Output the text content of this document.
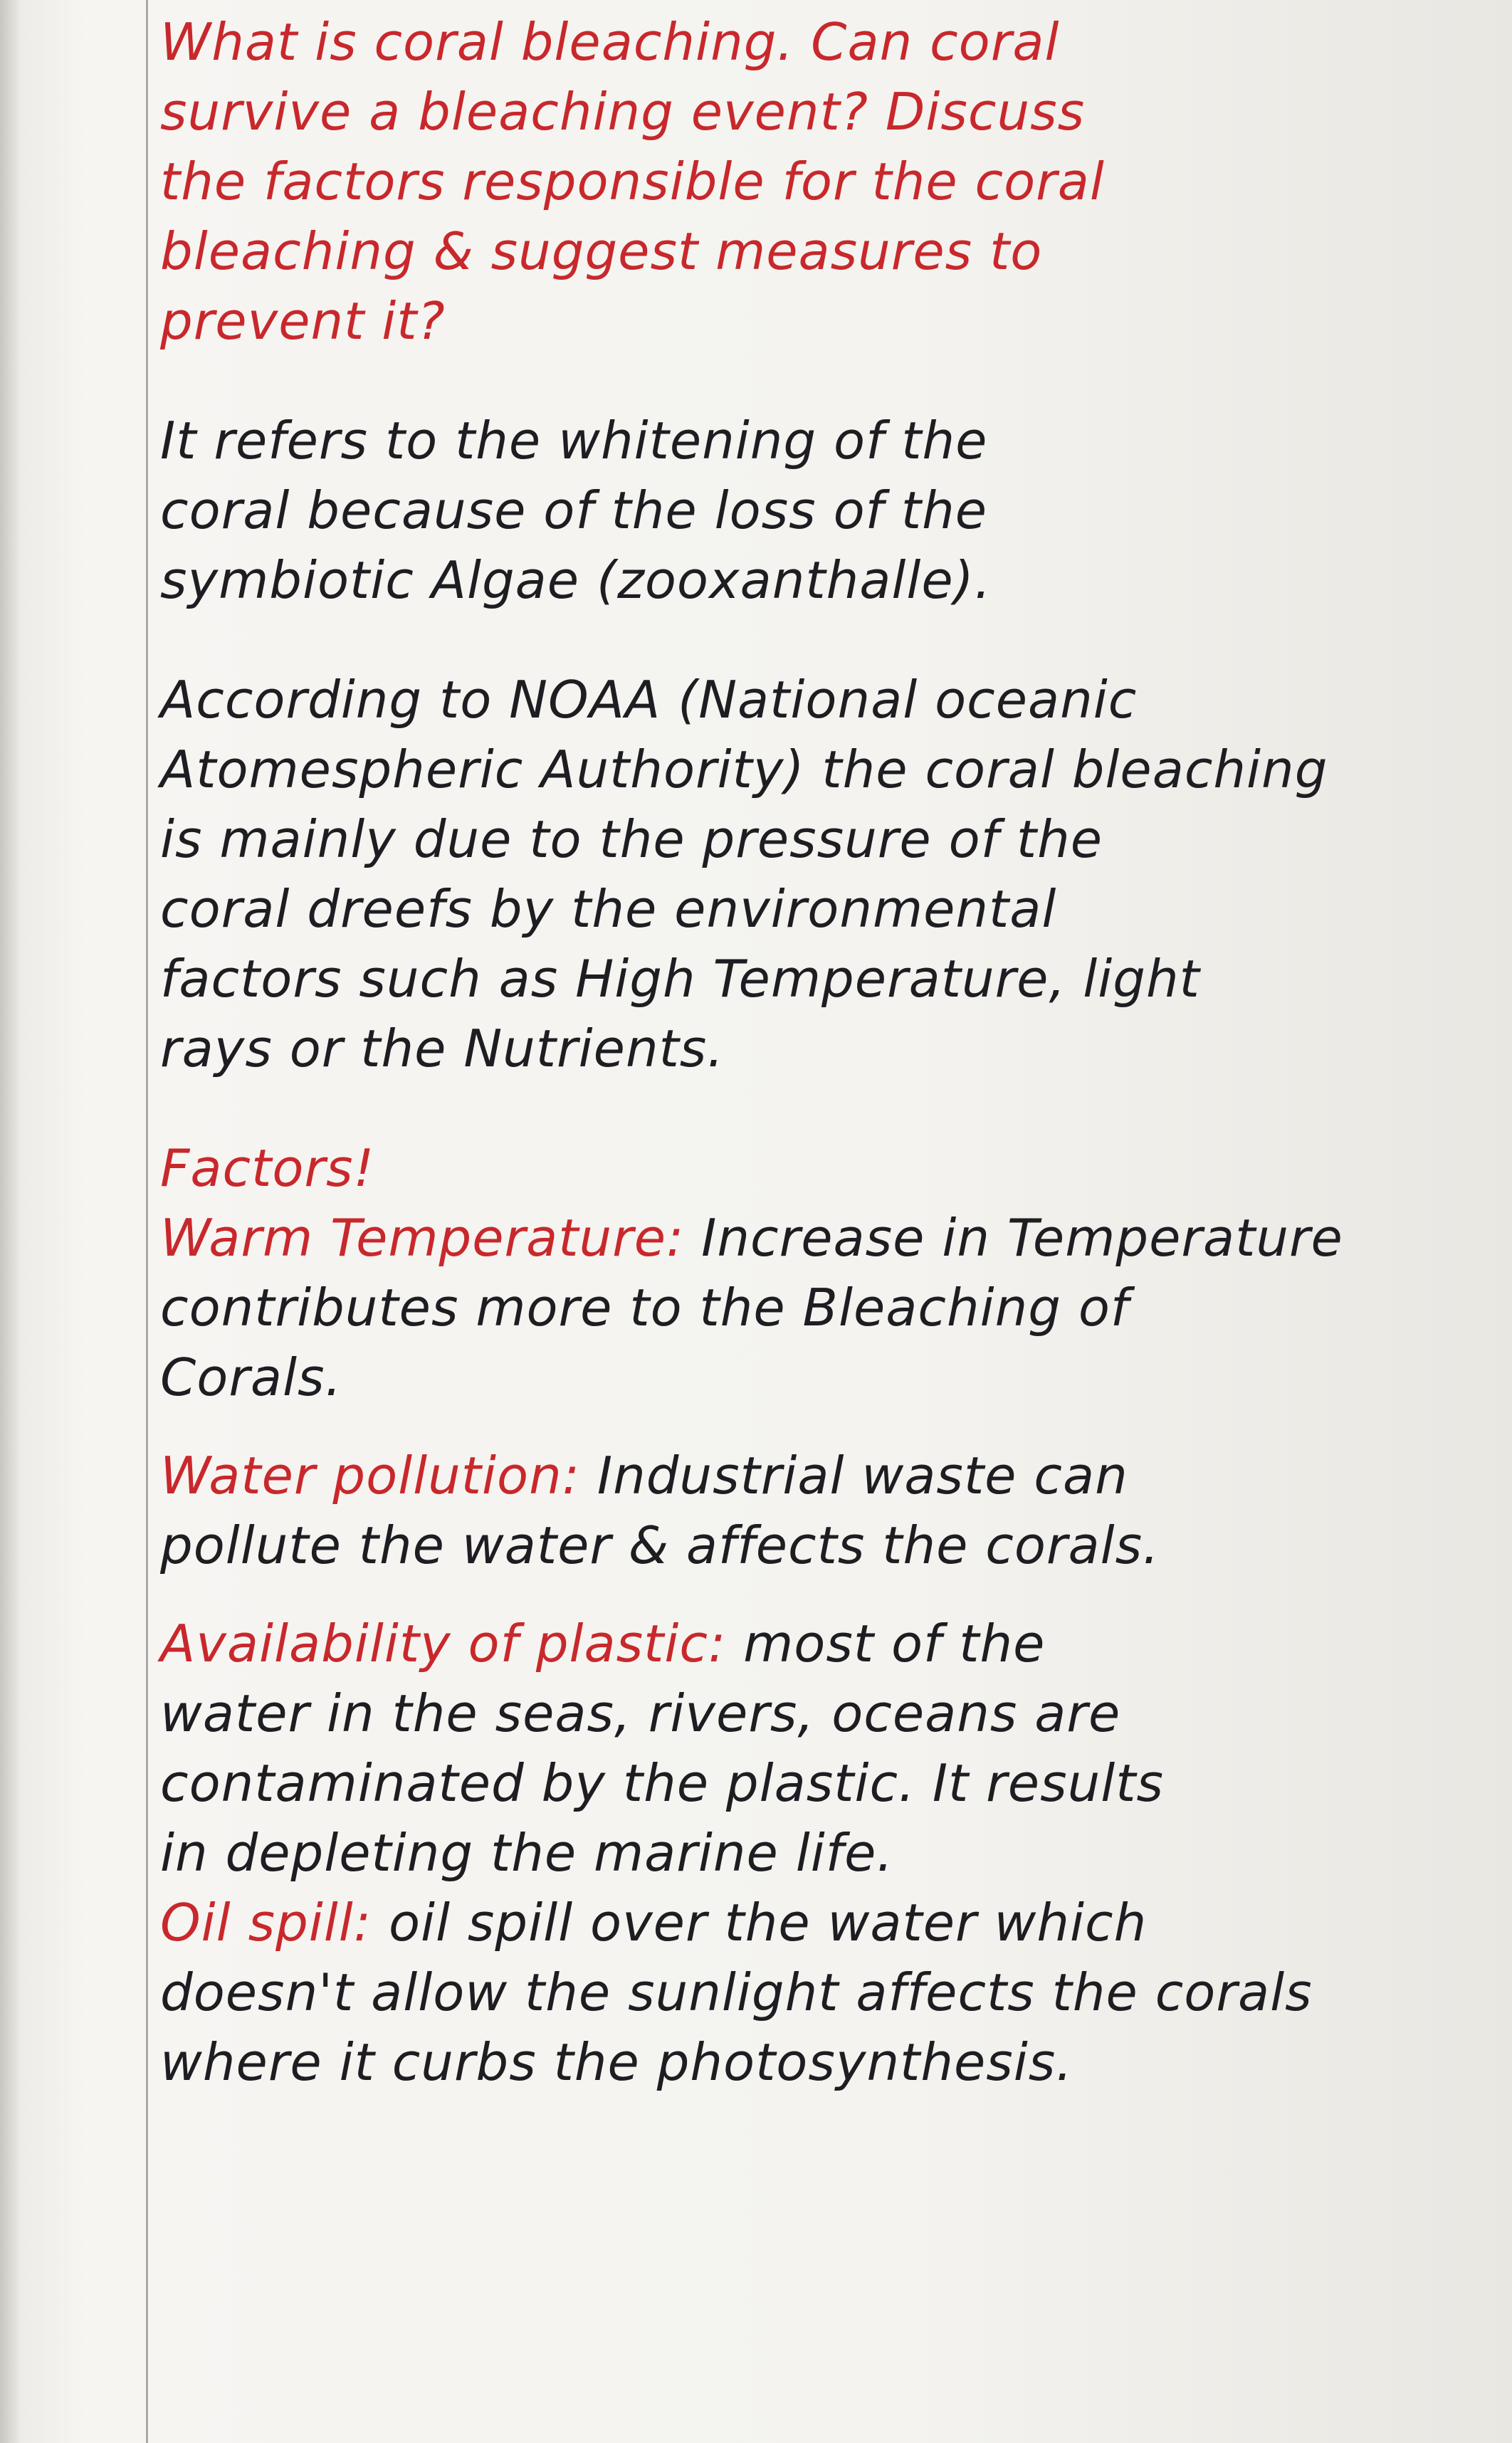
What is coral bleaching. Can coral
survive a bleaching event? Discuss
the factors responsible for the coral
bleaching & suggest measures to
prevent it?
It refers to the whitening of the
coral because of the loss of the
symbiotic Algae (zooxanthalle).
According to NOAA (National oceanic
Atomespheric Authority) the coral bleaching
is mainly due to the pressure of the
coral dreefs by the environmental
factors such as High Temperature, light
rays or the Nutrients.
Factors!
Warm Temperature: Increase in Temperature
contributes more to the Bleaching of
Corals.
Water pollution: Industrial waste can
pollute the water & affects the corals.
Availability of plastic: most of the
water in the seas, rivers, oceans are
contaminated by the plastic. It results
in depleting the marine life.
Oil spill: oil spill over the water which
doesn't allow the sunlight affects the corals
where it curbs the photosynthesis.
